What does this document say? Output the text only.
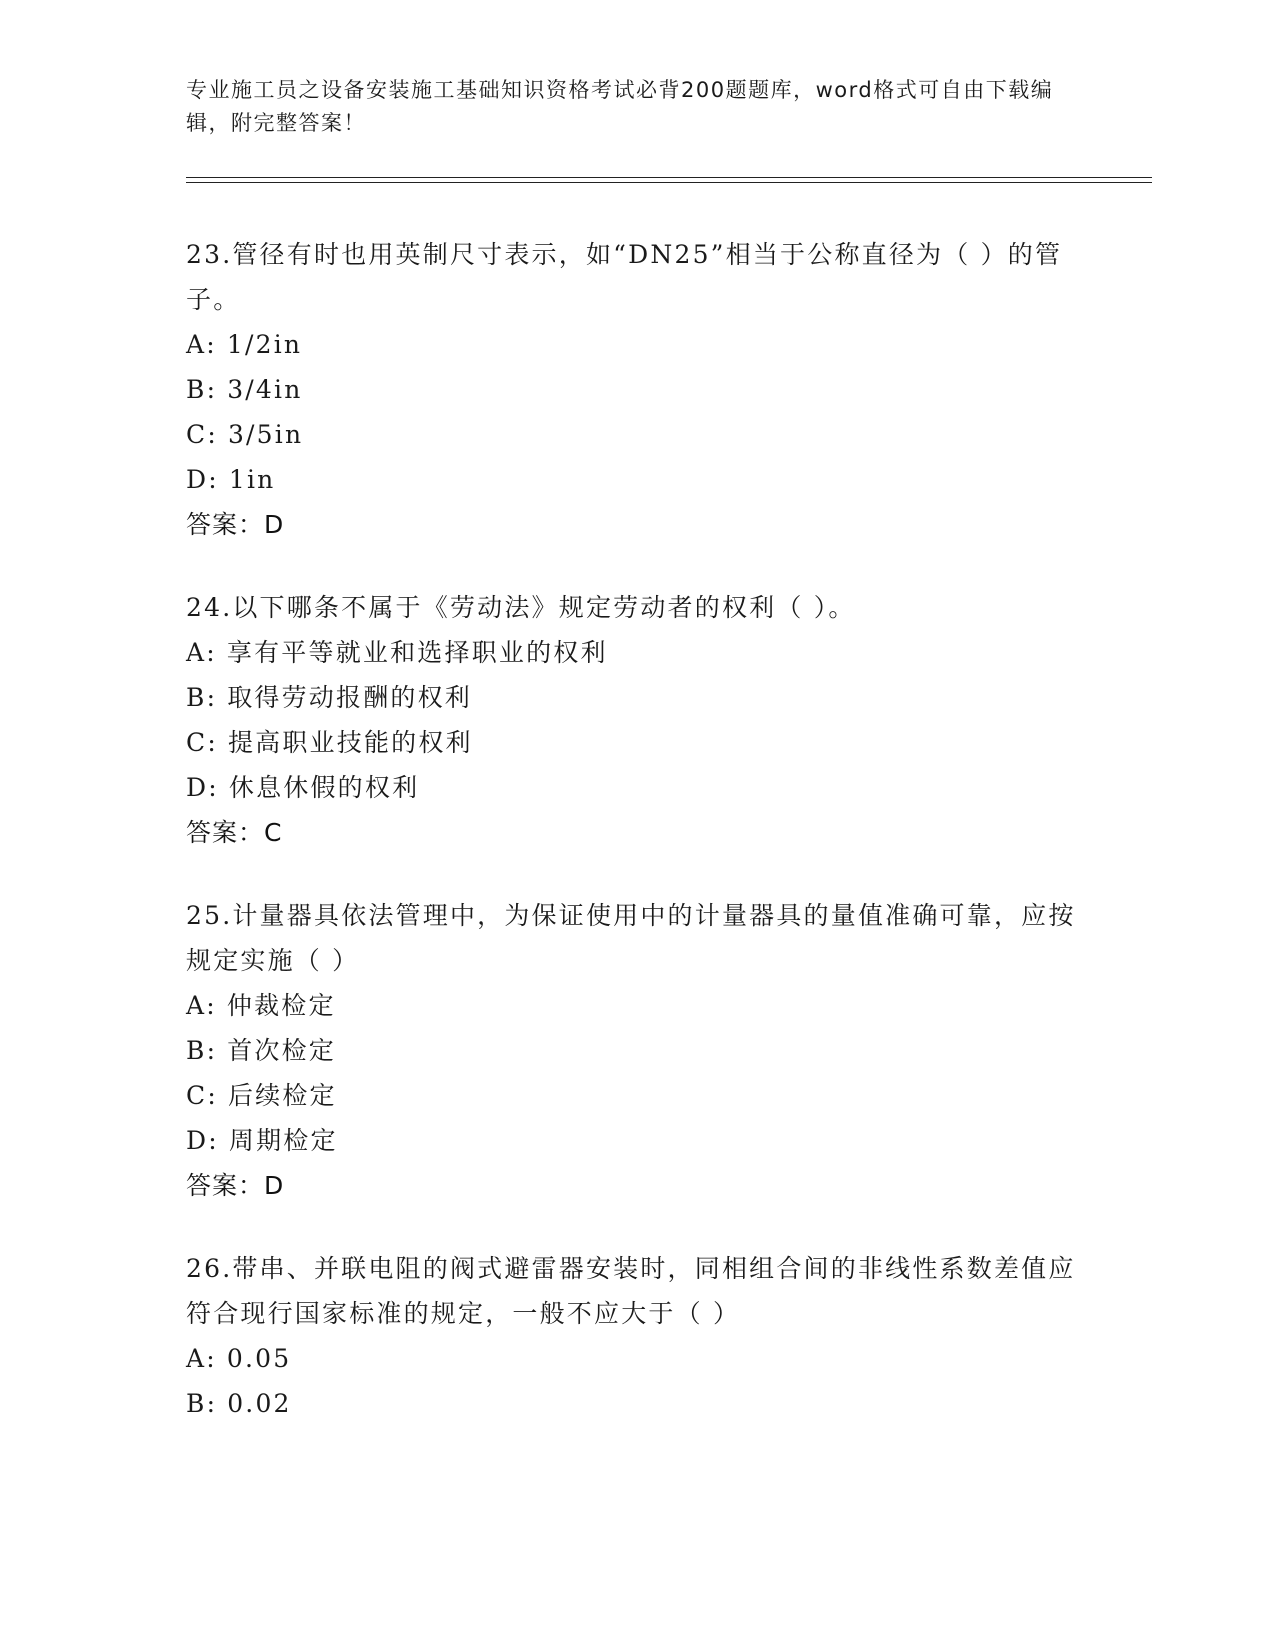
专业施工员之设备安装施工基础知识资格考试必背200题题库，word格式可自由下载编辑，附完整答案！

23.管径有时也用英制尺寸表示，如“DN25”相当于公称直径为（ ）的管子。

A: 1/2in

B: 3/4in

C: 3/5in

D: 1in

答案：D

24.以下哪条不属于《劳动法》规定劳动者的权利（ ）。

A: 享有平等就业和选择职业的权利

B: 取得劳动报酬的权利

C: 提高职业技能的权利

D: 休息休假的权利

答案：C

25.计量器具依法管理中，为保证使用中的计量器具的量值准确可靠，应按规定实施（ ）

A: 仲裁检定

B: 首次检定

C: 后续检定

D: 周期检定

答案：D

26.带串、并联电阻的阀式避雷器安装时，同相组合间的非线性系数差值应符合现行国家标准的规定，一般不应大于（ ）

A: 0.05

B: 0.02
